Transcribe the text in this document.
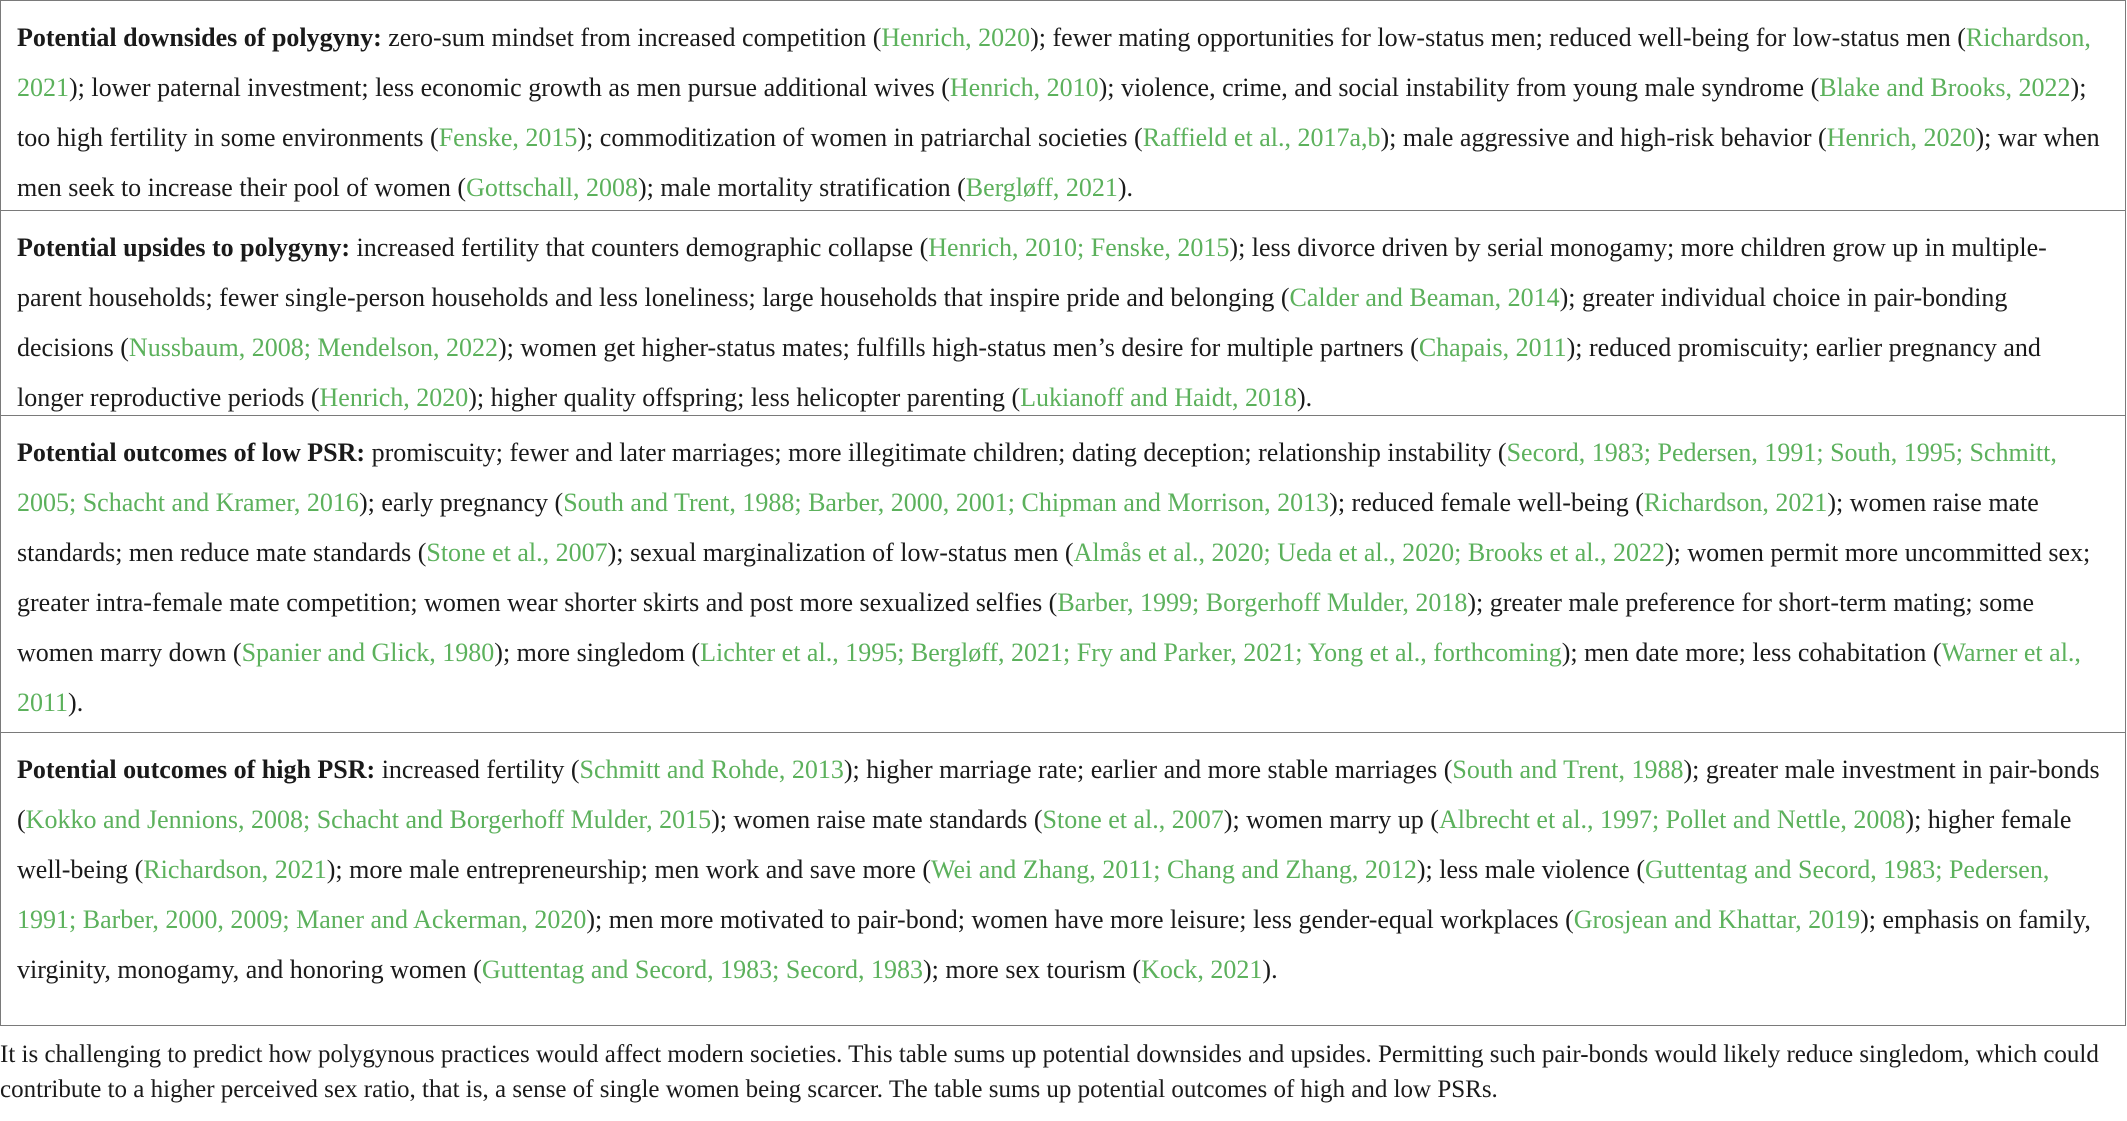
Potential downsides of polygyny: zero-sum mindset from increased competition (Henrich, 2020); fewer mating opportunities for low-status men; reduced well-being for low-status men (Richardson, 2021); lower paternal investment; less economic growth as men pursue additional wives (Henrich, 2010); violence, crime, and social instability from young male syndrome (Blake and Brooks, 2022); too high fertility in some environments (Fenske, 2015); commoditization of women in patriarchal societies (Raffield et al., 2017a,b); male aggressive and high-risk behavior (Henrich, 2020); war when men seek to increase their pool of women (Gottschall, 2008); male mortality stratification (Bergløff, 2021).
Potential upsides to polygyny: increased fertility that counters demographic collapse (Henrich, 2010; Fenske, 2015); less divorce driven by serial monogamy; more children grow up in multiple-parent households; fewer single-person households and less loneliness; large households that inspire pride and belonging (Calder and Beaman, 2014); greater individual choice in pair-bonding decisions (Nussbaum, 2008; Mendelson, 2022); women get higher-status mates; fulfills high-status men’s desire for multiple partners (Chapais, 2011); reduced promiscuity; earlier pregnancy and longer reproductive periods (Henrich, 2020); higher quality offspring; less helicopter parenting (Lukianoff and Haidt, 2018).
Potential outcomes of low PSR: promiscuity; fewer and later marriages; more illegitimate children; dating deception; relationship instability (Secord, 1983; Pedersen, 1991; South, 1995; Schmitt, 2005; Schacht and Kramer, 2016); early pregnancy (South and Trent, 1988; Barber, 2000, 2001; Chipman and Morrison, 2013); reduced female well-being (Richardson, 2021); women raise mate standards; men reduce mate standards (Stone et al., 2007); sexual marginalization of low-status men (Almås et al., 2020; Ueda et al., 2020; Brooks et al., 2022); women permit more uncommitted sex; greater intra-female mate competition; women wear shorter skirts and post more sexualized selfies (Barber, 1999; Borgerhoff Mulder, 2018); greater male preference for short-term mating; some women marry down (Spanier and Glick, 1980); more singledom (Lichter et al., 1995; Bergløff, 2021; Fry and Parker, 2021; Yong et al., forthcoming); men date more; less cohabitation (Warner et al., 2011).
Potential outcomes of high PSR: increased fertility (Schmitt and Rohde, 2013); higher marriage rate; earlier and more stable marriages (South and Trent, 1988); greater male investment in pair-bonds (Kokko and Jennions, 2008; Schacht and Borgerhoff Mulder, 2015); women raise mate standards (Stone et al., 2007); women marry up (Albrecht et al., 1997; Pollet and Nettle, 2008); higher female well-being (Richardson, 2021); more male entrepreneurship; men work and save more (Wei and Zhang, 2011; Chang and Zhang, 2012); less male violence (Guttentag and Secord, 1983; Pedersen, 1991; Barber, 2000, 2009; Maner and Ackerman, 2020); men more motivated to pair-bond; women have more leisure; less gender-equal workplaces (Grosjean and Khattar, 2019); emphasis on family, virginity, monogamy, and honoring women (Guttentag and Secord, 1983; Secord, 1983); more sex tourism (Kock, 2021).
It is challenging to predict how polygynous practices would affect modern societies. This table sums up potential downsides and upsides. Permitting such pair-bonds would likely reduce singledom, which could contribute to a higher perceived sex ratio, that is, a sense of single women being scarcer. The table sums up potential outcomes of high and low PSRs.
